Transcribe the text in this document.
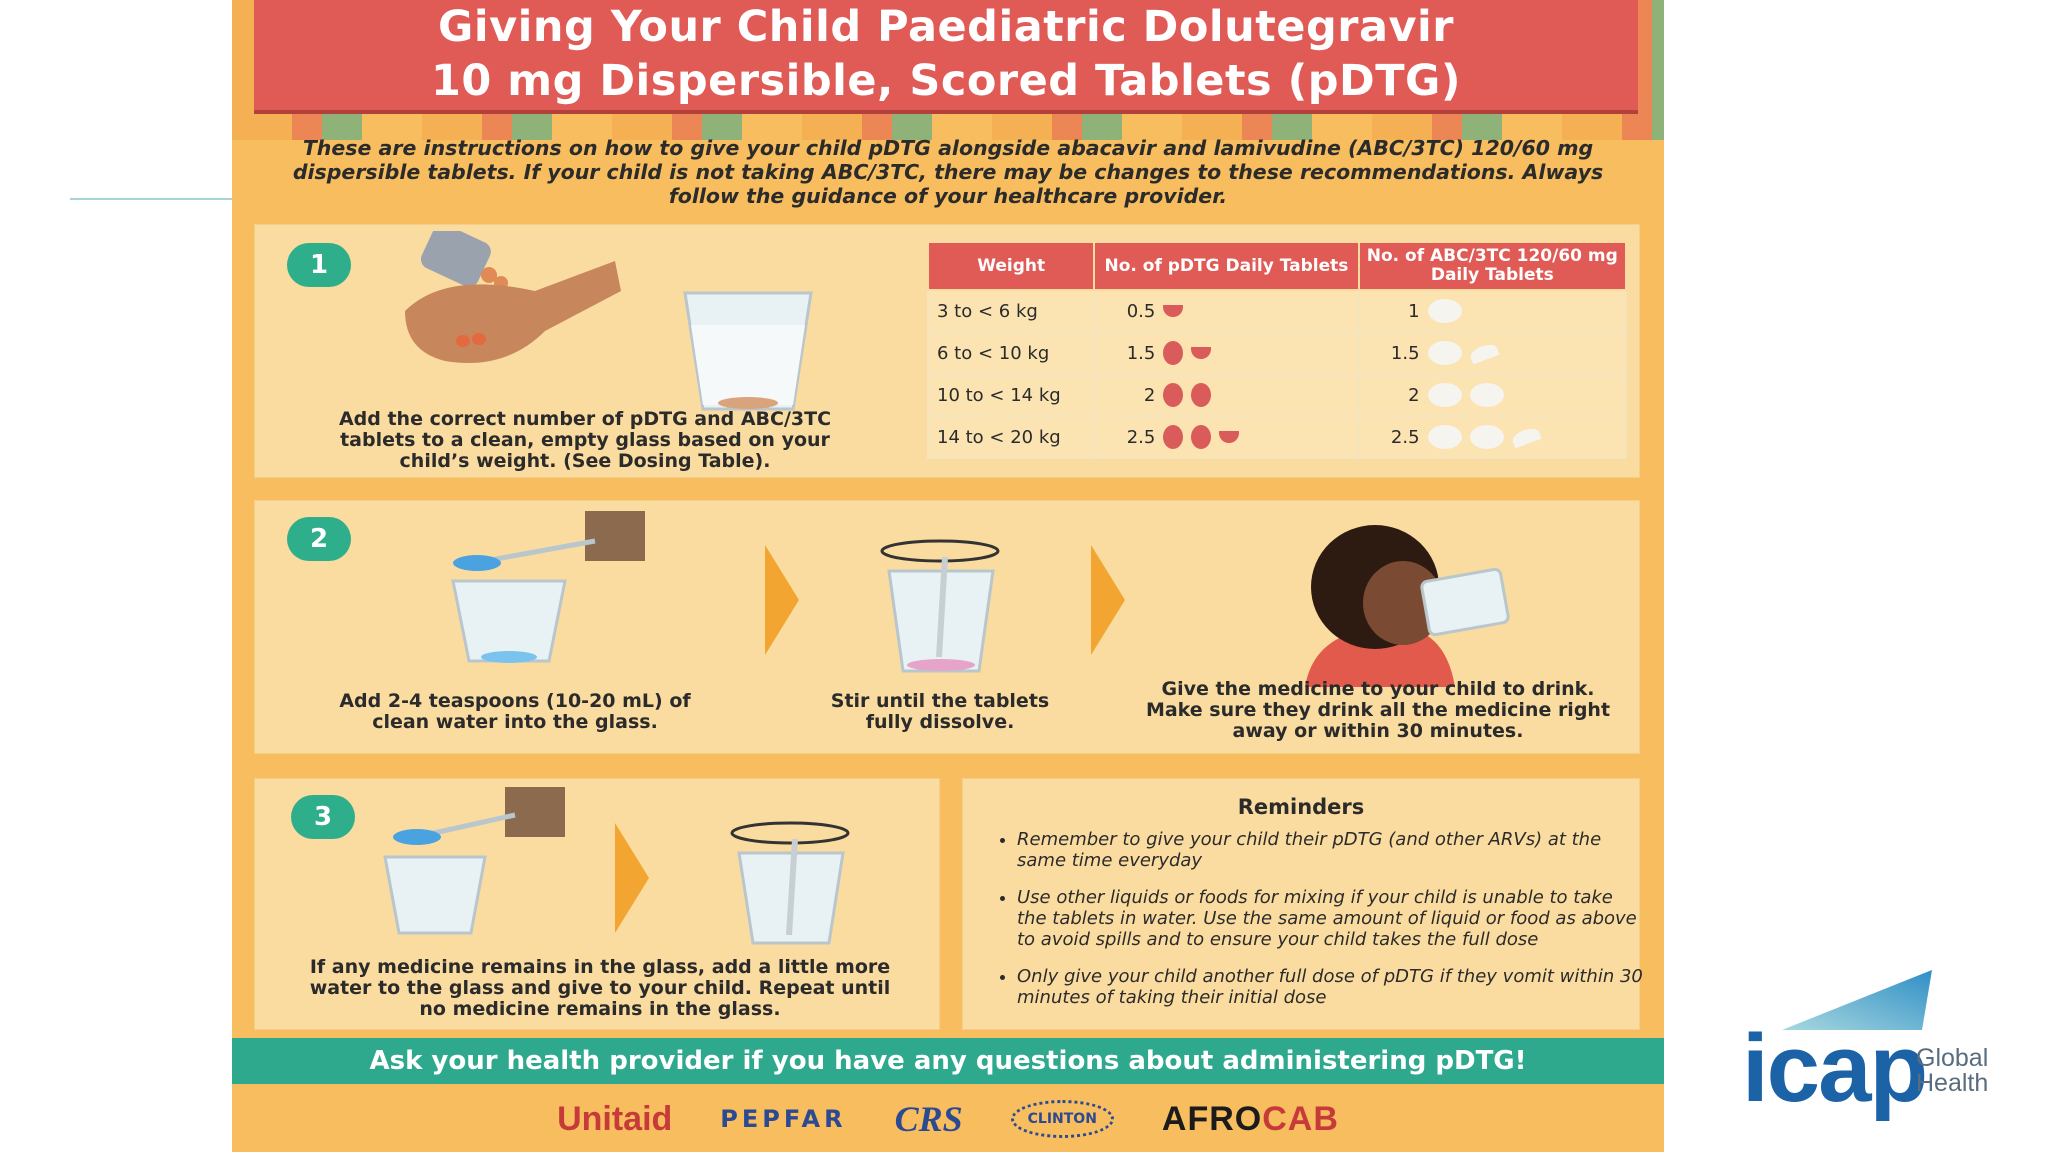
Giving Your Child Paediatric Dolutegravir
10 mg Dispersible, Scored Tablets (pDTG)
These are instructions on how to give your child pDTG alongside abacavir and lamivudine (ABC/3TC) 120/60 mg dispersible tablets. If your child is not taking ABC/3TC, there may be changes to these recommendations. Always follow the guidance of your healthcare provider.
1
Add the correct number of pDTG and ABC/3TC tablets to a clean, empty glass based on your child’s weight. (See Dosing Table).
Weight	No. of pDTG Daily Tablets	No. of ABC/3TC 120/60 mg Daily Tablets
3 to < 6 kg	0.5	1

6 to < 10 kg	1.5	1.5

10 to < 14 kg	2	2

14 to < 20 kg	2.5	2.5
2
Add 2-4 teaspoons (10-20 mL) of clean water into the glass.
Stir until the tablets fully dissolve.
Give the medicine to your child to drink. Make sure they drink all the medicine right away or within 30 minutes.
3
If any medicine remains in the glass, add a little more water to the glass and give to your child. Repeat until no medicine remains in the glass.
Reminders
• Remember to give your child their pDTG (and other ARVs) at the same time everyday
• Use other liquids or foods for mixing if your child is unable to take the tablets in water. Use the same amount of liquid or food as above to avoid spills and to ensure your child takes the full dose
• Only give your child another full dose of pDTG if they vomit within 30 minutes of taking their initial dose
Ask your health provider if you have any questions about administering pDTG!
Unitaid PEPFAR CRS	CLINTON	AFROCAB	icap
Global
Health
